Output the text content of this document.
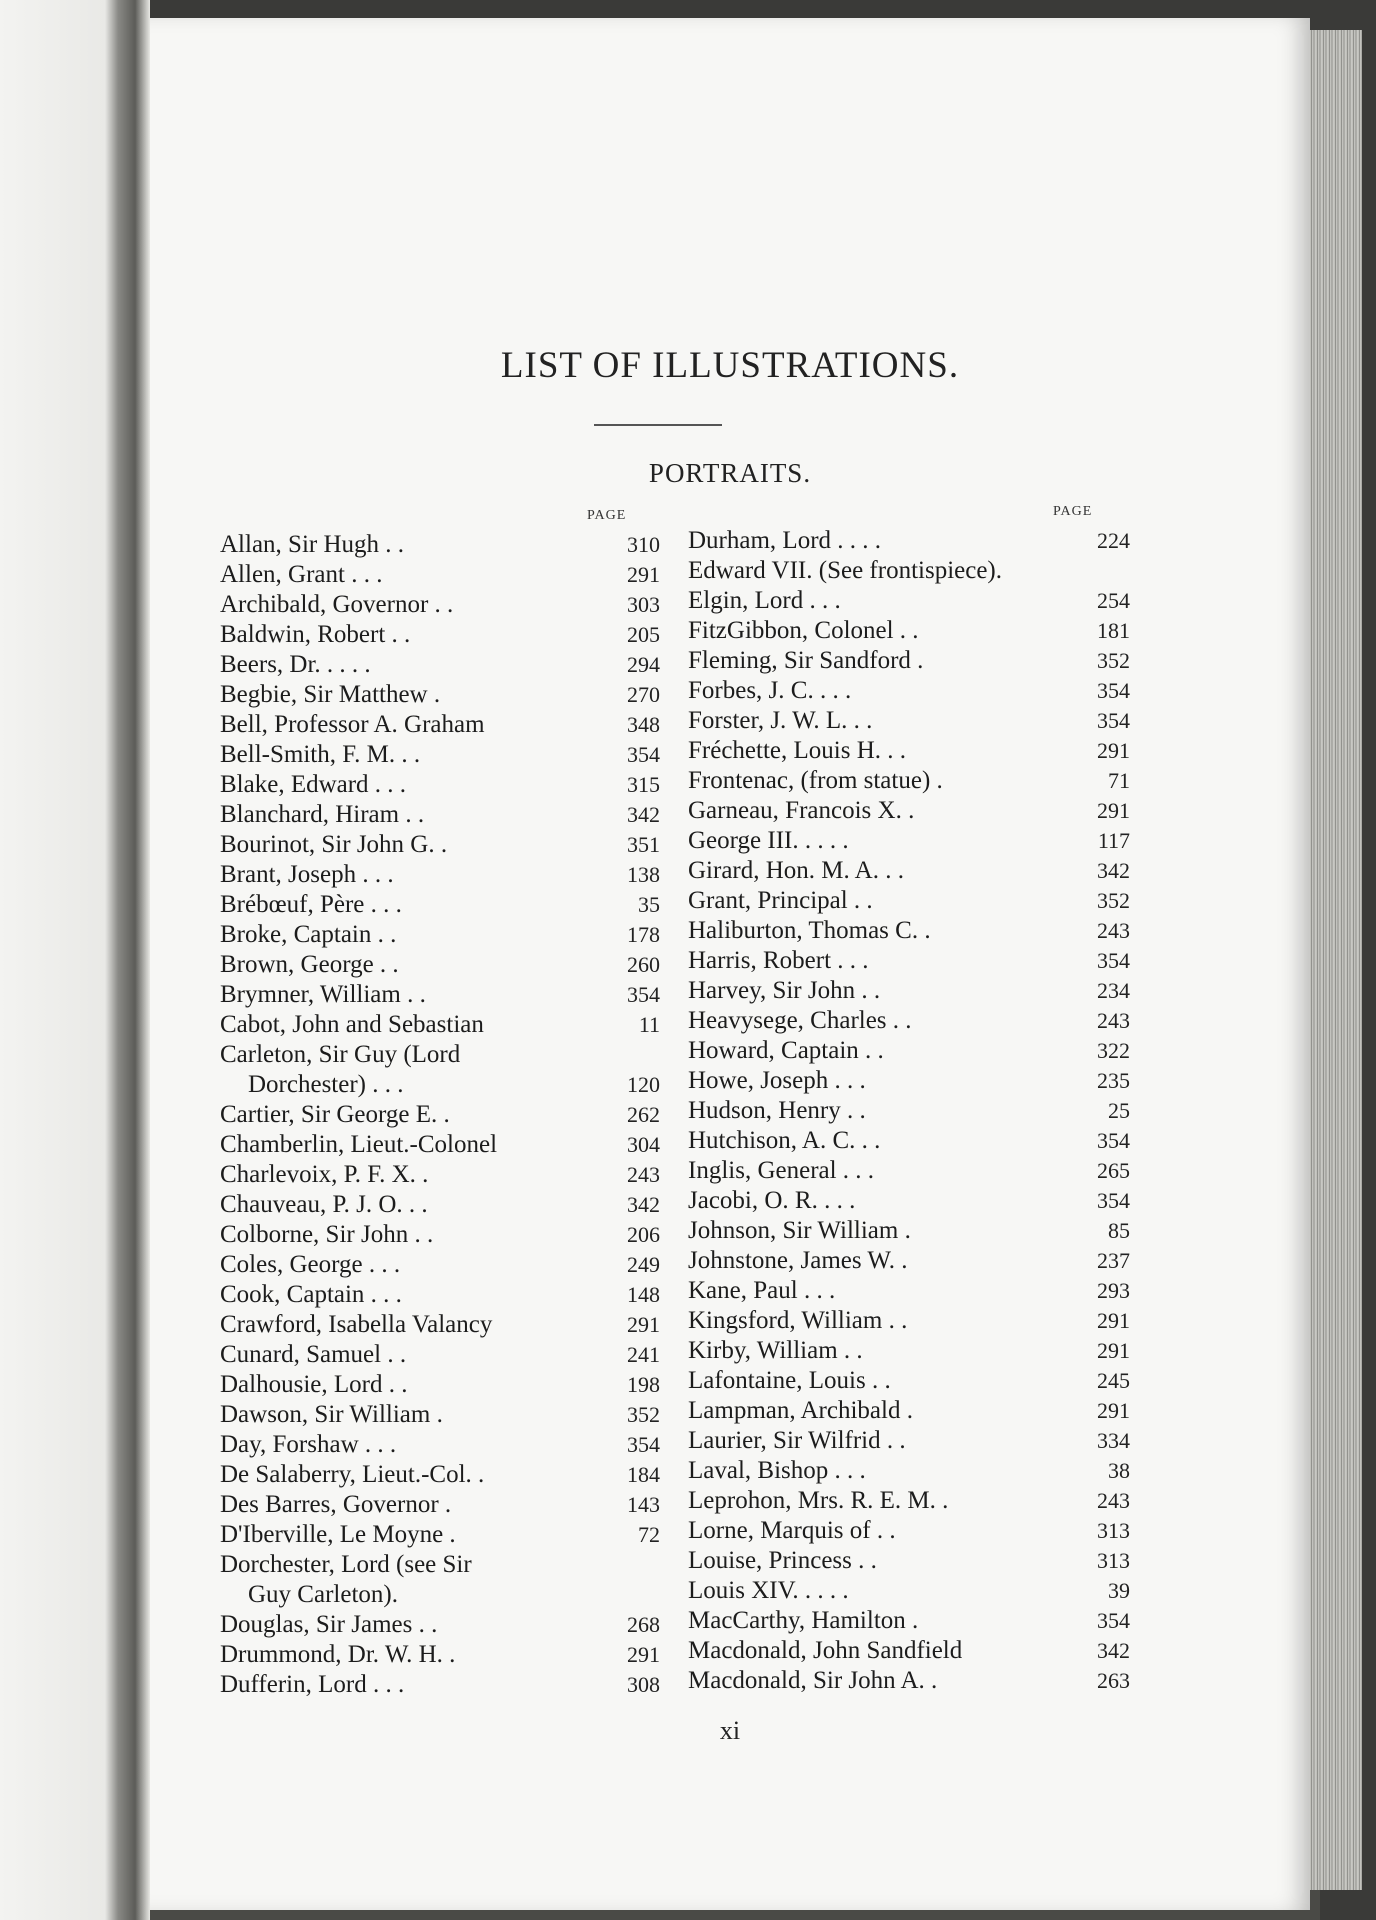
LIST OF ILLUSTRATIONS.
PORTRAITS.
PAGE	PAGE
Allan, Sir Hugh . .	310
Allen, Grant . . .	291
Archibald, Governor . .	303
Baldwin, Robert . .	205
Beers, Dr. . . . .	294
Begbie, Sir Matthew .	270
Bell, Professor A. Graham	348
Bell-Smith, F. M. . .	354
Blake, Edward . . .	315
Blanchard, Hiram . .	342
Bourinot, Sir John G. .	351
Brant, Joseph . . .	138
Brébœuf, Père . . .	35
Broke, Captain . .	178
Brown, George . .	260
Brymner, William . .	354
Cabot, John and Sebastian	11
Carleton, Sir Guy (Lord
Dorchester) . . .	120
Cartier, Sir George E. .	262
Chamberlin, Lieut.-Colonel	304
Charlevoix, P. F. X. .	243
Chauveau, P. J. O. . .	342
Colborne, Sir John . .	206
Coles, George . . .	249
Cook, Captain . . .	148
Crawford, Isabella Valancy	291
Cunard, Samuel . .	241
Dalhousie, Lord . .	198
Dawson, Sir William .	352
Day, Forshaw . . .	354
De Salaberry, Lieut.-Col. .	184
Des Barres, Governor .	143
D'Iberville, Le Moyne .	72
Dorchester, Lord (see Sir
Guy Carleton).
Douglas, Sir James . .	268
Drummond, Dr. W. H. .	291
Dufferin, Lord . . .	308
Durham, Lord . . . .	224
Edward VII. (See frontispiece).
Elgin, Lord . . .	254
FitzGibbon, Colonel . .	181
Fleming, Sir Sandford .	352
Forbes, J. C. . . .	354
Forster, J. W. L. . .	354
Fréchette, Louis H. . .	291
Frontenac, (from statue) .	71
Garneau, Francois X. .	291
George III. . . . .	117
Girard, Hon. M. A. . .	342
Grant, Principal . .	352
Haliburton, Thomas C. .	243
Harris, Robert . . .	354
Harvey, Sir John . .	234
Heavysege, Charles . .	243
Howard, Captain . .	322
Howe, Joseph . . .	235
Hudson, Henry . .	25
Hutchison, A. C. . .	354
Inglis, General . . .	265
Jacobi, O. R. . . .	354
Johnson, Sir William .	85
Johnstone, James W. .	237
Kane, Paul . . .	293
Kingsford, William . .	291
Kirby, William . .	291
Lafontaine, Louis . .	245
Lampman, Archibald .	291
Laurier, Sir Wilfrid . .	334
Laval, Bishop . . .	38
Leprohon, Mrs. R. E. M. .	243
Lorne, Marquis of . .	313
Louise, Princess . .	313
Louis XIV. . . . .	39
MacCarthy, Hamilton .	354
Macdonald, John Sandfield	342
Macdonald, Sir John A. .	263
xi
